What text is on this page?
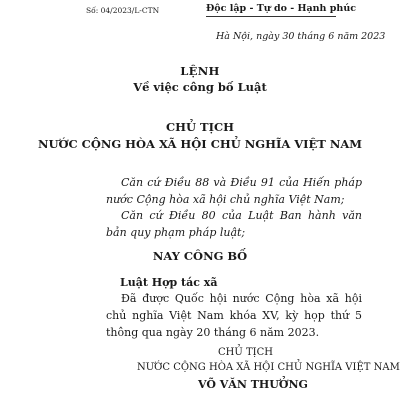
Số: 04/2023/L-CTN	Độc lập - Tự do - Hạnh phúc
Hà Nội, ngày 30 tháng 6 năm 2023
LỆNH
Về việc công bố Luật
CHỦ TỊCH
NƯỚC CỘNG HÒA XÃ HỘI CHỦ NGHĨA VIỆT NAM
Căn cứ Điều 88 và Điều 91 của Hiến pháp nước Cộng hòa xã hội chủ nghĩa Việt Nam;
Căn cứ Điều 80 của Luật Ban hành văn bản quy phạm pháp luật;
NAY CÔNG BỐ
Luật Hợp tác xã
Đã được Quốc hội nước Cộng hòa xã hội chủ nghĩa Việt Nam khóa XV, kỳ họp thứ 5 thông qua ngày 20 tháng 6 năm 2023.
CHỦ TỊCH
NƯỚC CỘNG HÒA XÃ HỘI CHỦ NGHĨA VIỆT NAM
VÕ VĂN THƯỞNG
